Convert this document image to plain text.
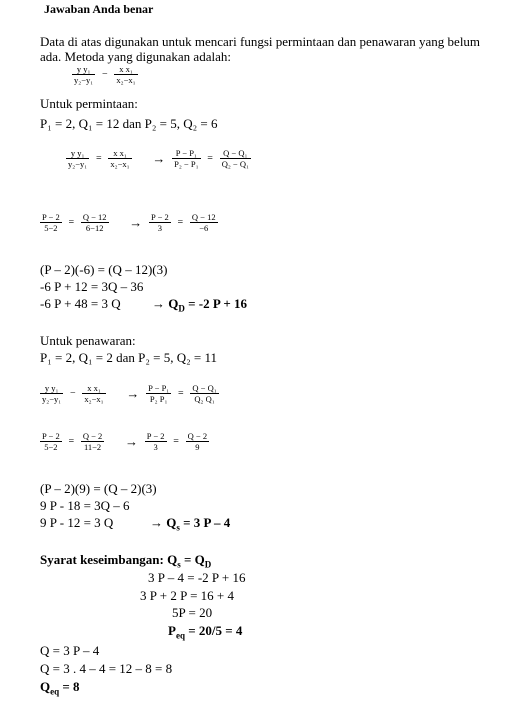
Jawaban Anda benar
Data di atas digunakan untuk mencari fungsi permintaan dan penawaran yang belum
ada. Metoda yang digunakan adalah:
$\frac{\text{y y₁}}{\text{y₂−y₁}} - \frac{\text{x x₁}}{\text{x₂−x₁}}$
Untuk permintaan:
P₁ = 2, Q₁ = 12 dan P₂ = 5, Q₂ = 6
$\frac{\text{y y₁}}{\text{y₂−y₁}} = \frac{\text{x x₁}}{\text{x₂−x₁}} \to \frac{\text{P − P₁}}{\text{P₂ − P₁}} = \frac{\text{Q − Q₁}}{\text{Q₂ − Q₁}}$
$\frac{P - 2}{5-2} = \frac{Q - 12}{6-12} \to \frac{P - 2}{3} = \frac{Q - 12}{-6}$
(P – 2)(-6) = (Q – 12)(3)
-6 P + 12 = 3Q – 36
-6 P + 48 = 3 $Q \to Q_D = -2$ P + 16
Untuk penawaran:
P₁ = 2, Q₁ = 2 dan P₂ = 5, Q₂ = 11
$\frac{\text{y y₁}}{\text{y₂−y₁}} - \frac{\text{x x₁}}{\text{x₂−x₁}} \to \frac{\text{P − P₁}}{\text{P₂ P₁}} = \frac{\text{Q − Q₁}}{\text{Q₂ Q₁}}$
$\frac{P - 2}{5-2} = \frac{Q - 2}{11-2} \to \frac{P - 2}{3} = \frac{Q - 2}{9}$
(P – 2)(9) = (Q – 2)(3)
9 P - 18 = 3Q – 6
9 P - 12 = 3 Q	→ $Q_s = 3$ P – 4
Syarat keseimbangan: $Q_s = Q_D$
3 P – 4 = -2 P + 16
3 P + 2 P = 16 + 4
5P = 20
$P_{eq} = 20/5 = 4$
Q = 3 P – 4
Q = 3 . 4 – 4 = 12 – 8 = 8
$Q_{eq} = 8$
